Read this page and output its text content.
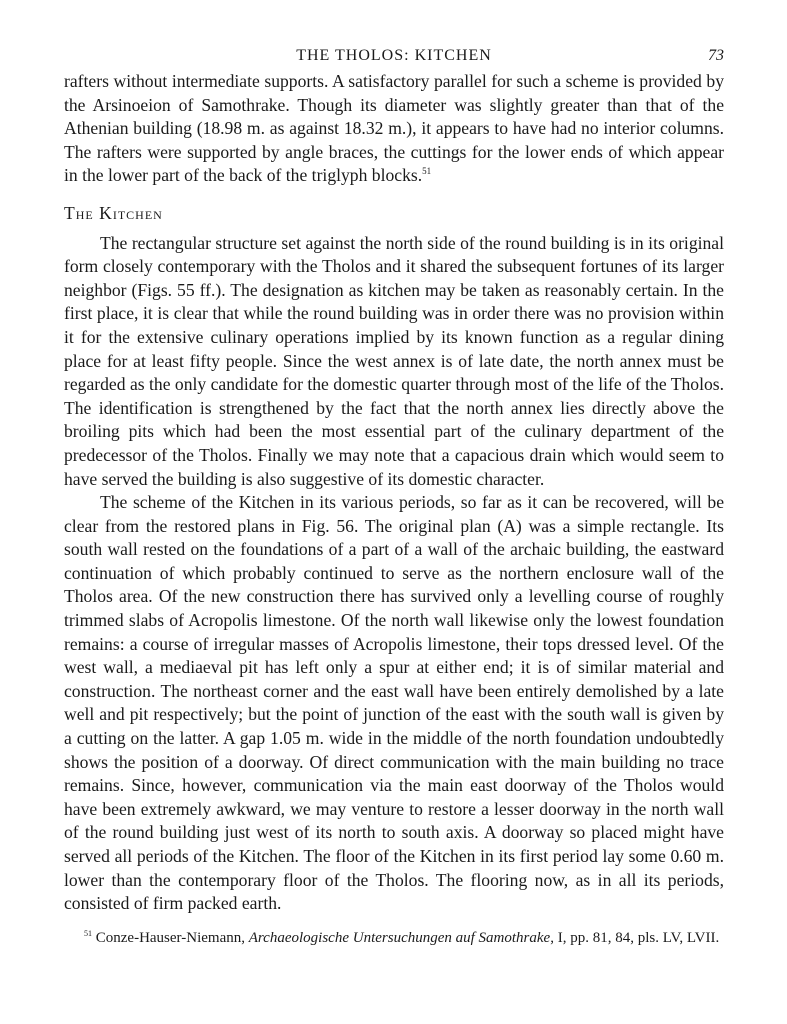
THE THOLOS: KITCHEN	73

rafters without intermediate supports. A satisfactory parallel for such a scheme is provided by the Arsinoeion of Samothrake. Though its diameter was slightly greater than that of the Athenian building (18.98 m. as against 18.32 m.), it appears to have had no interior columns. The rafters were supported by angle braces, the cuttings for the lower ends of which appear in the lower part of the back of the triglyph blocks.$^{51}$

The Kitchen

The rectangular structure set against the north side of the round building is in its original form closely contemporary with the Tholos and it shared the subsequent fortunes of its larger neighbor (Figs. 55 ff.). The designation as kitchen may be taken as reasonably certain. In the first place, it is clear that while the round building was in order there was no provision within it for the extensive culinary operations implied by its known function as a regular dining place for at least fifty people. Since the west annex is of late date, the north annex must be regarded as the only candidate for the domestic quarter through most of the life of the Tholos. The identification is strengthened by the fact that the north annex lies directly above the broiling pits which had been the most essential part of the culinary department of the predecessor of the Tholos. Finally we may note that a capacious drain which would seem to have served the building is also suggestive of its domestic character.

The scheme of the Kitchen in its various periods, so far as it can be recovered, will be clear from the restored plans in Fig. 56. The original plan (A) was a simple rectangle. Its south wall rested on the foundations of a part of a wall of the archaic building, the eastward continuation of which probably continued to serve as the northern enclosure wall of the Tholos area. Of the new construction there has survived only a levelling course of roughly trimmed slabs of Acropolis limestone. Of the north wall likewise only the lowest foundation remains: a course of irregular masses of Acropolis limestone, their tops dressed level. Of the west wall, a mediaeval pit has left only a spur at either end; it is of similar material and construction. The northeast corner and the east wall have been entirely demolished by a late well and pit respectively; but the point of junction of the east with the south wall is given by a cutting on the latter. A gap 1.05 m. wide in the middle of the north foundation undoubtedly shows the position of a doorway. Of direct communication with the main building no trace remains. Since, however, communication via the main east doorway of the Tholos would have been extremely awkward, we may venture to restore a lesser doorway in the north wall of the round building just west of its north to south axis. A doorway so placed might have served all periods of the Kitchen. The floor of the Kitchen in its first period lay some 0.60 m. lower than the contemporary floor of the Tholos. The flooring now, as in all its periods, consisted of firm packed earth.

$^{51}$ Conze-Hauser-Niemann, Archaeologische Untersuchungen auf Samothrake, I, pp. 81, 84, pls. LV, LVII.
